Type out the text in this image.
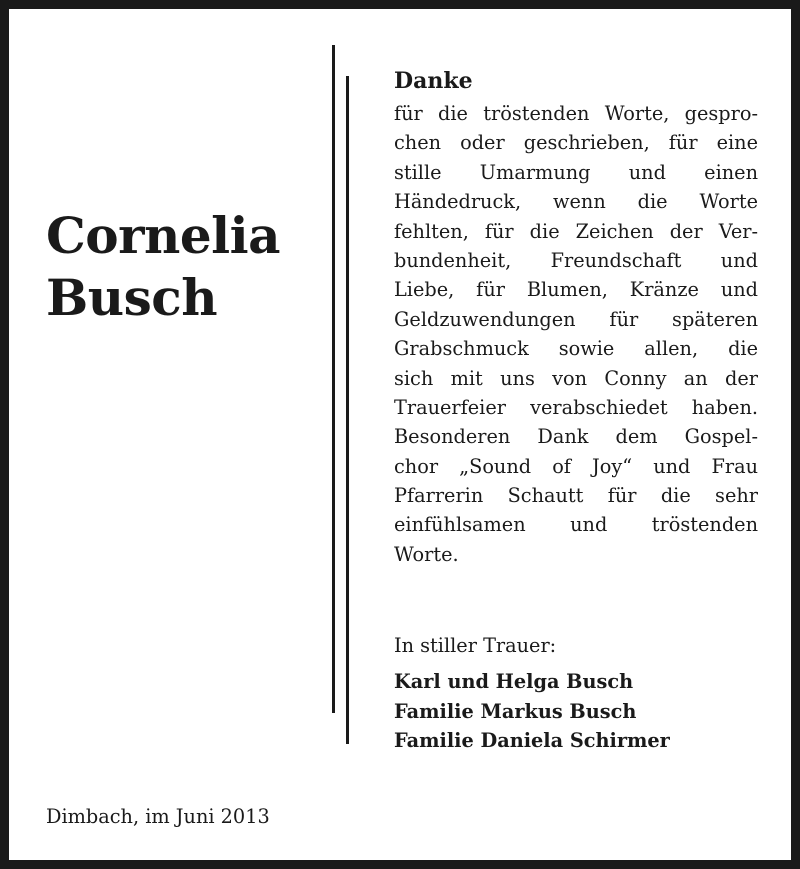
Cornelia
Busch
Danke
für die tröstenden Worte, gespro-
chen oder geschrieben, für eine
stille Umarmung und einen
Händedruck, wenn die Worte
fehlten, für die Zeichen der Ver-
bundenheit, Freundschaft und
Liebe, für Blumen, Kränze und
Geldzuwendungen für späteren
Grabschmuck sowie allen, die
sich mit uns von Conny an der
Trauerfeier verabschiedet haben.
Besonderen Dank dem Gospel-
chor „Sound of Joy“ und Frau
Pfarrerin Schautt für die sehr
einfühlsamen und tröstenden
Worte.
In stiller Trauer:
Karl und Helga Busch
Familie Markus Busch
Familie Daniela Schirmer
Dimbach, im Juni 2013
